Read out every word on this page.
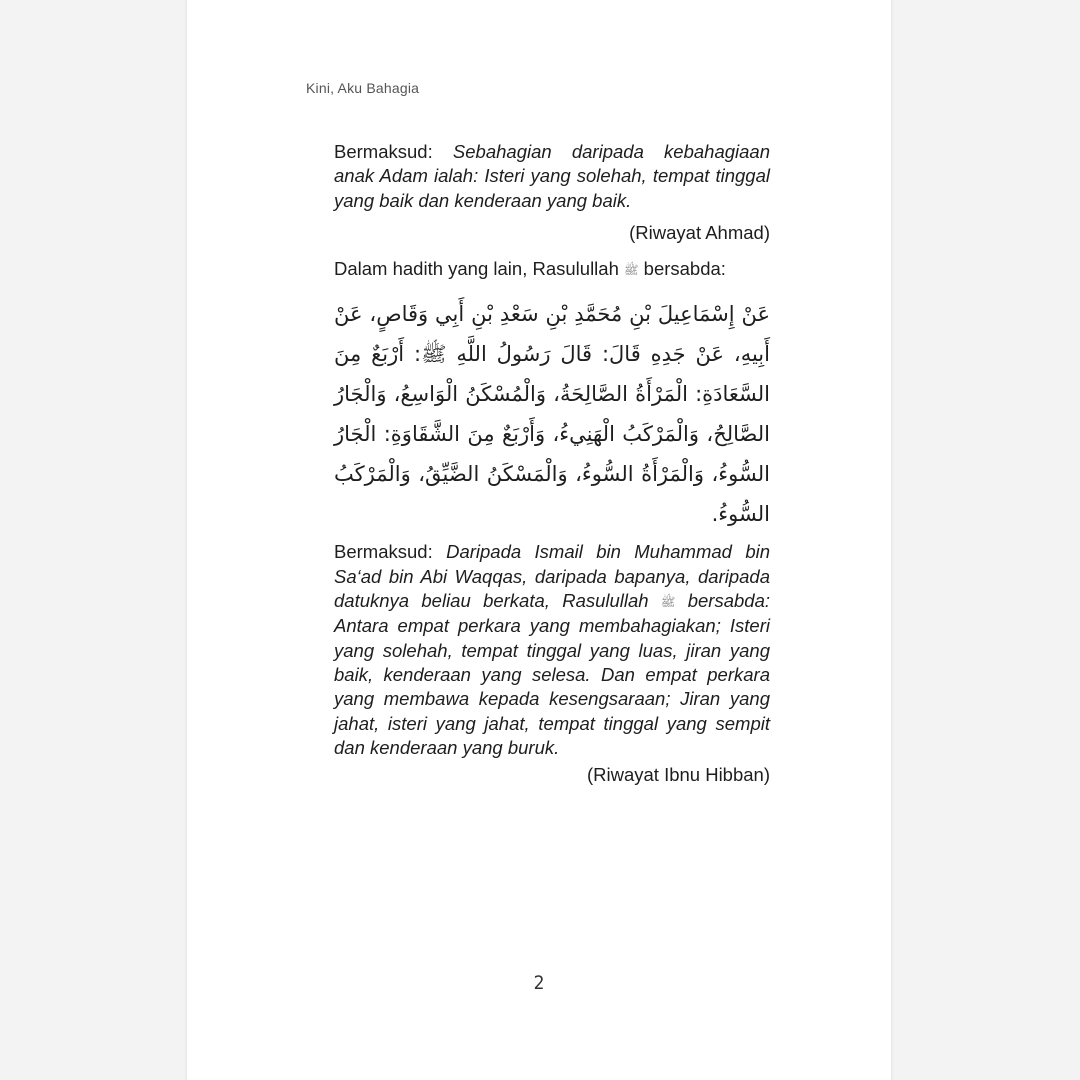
Kini, Aku Bahagia

Bermaksud: Sebahagian daripada kebahagiaan anak Adam ialah: Isteri yang solehah, tempat tinggal yang baik dan kenderaan yang baik.

(Riwayat Ahmad)

Dalam hadith yang lain, Rasulullah ﷺ bersabda:

عَنْ إِسْمَاعِيلَ بْنِ مُحَمَّدِ بْنِ سَعْدِ بْنِ أَبِي وَقَاصٍ، عَنْ أَبِيهِ، عَنْ جَدِهِ قَالَ: قَالَ رَسُولُ اللَّهِ ﷺ: أَرْبَعٌ مِنَ السَّعَادَةِ: الْمَرْأَةُ الصَّالِحَةُ، وَالْمُسْكَنُ الْوَاسِعُ، وَالْجَارُ الصَّالِحُ، وَالْمَرْكَبُ الْهَنِيءُ، وَأَرْبَعٌ مِنَ الشَّقَاوَةِ: الْجَارُ السُّوءُ، وَالْمَرْأَةُ السُّوءُ، وَالْمَسْكَنُ الضَّيِّقُ، وَالْمَرْكَبُ السُّوءُ.

Bermaksud: Daripada Ismail bin Muhammad bin Sa‘ad bin Abi Waqqas, daripada bapanya, daripada datuknya beliau berkata, Rasulullah ﷺ bersabda: Antara empat perkara yang membahagiakan; Isteri yang solehah, tempat tinggal yang luas, jiran yang baik, kenderaan yang selesa. Dan empat perkara yang membawa kepada kesengsaraan; Jiran yang jahat, isteri yang jahat, tempat tinggal yang sempit dan kenderaan yang buruk.

(Riwayat Ibnu Hibban)

2
